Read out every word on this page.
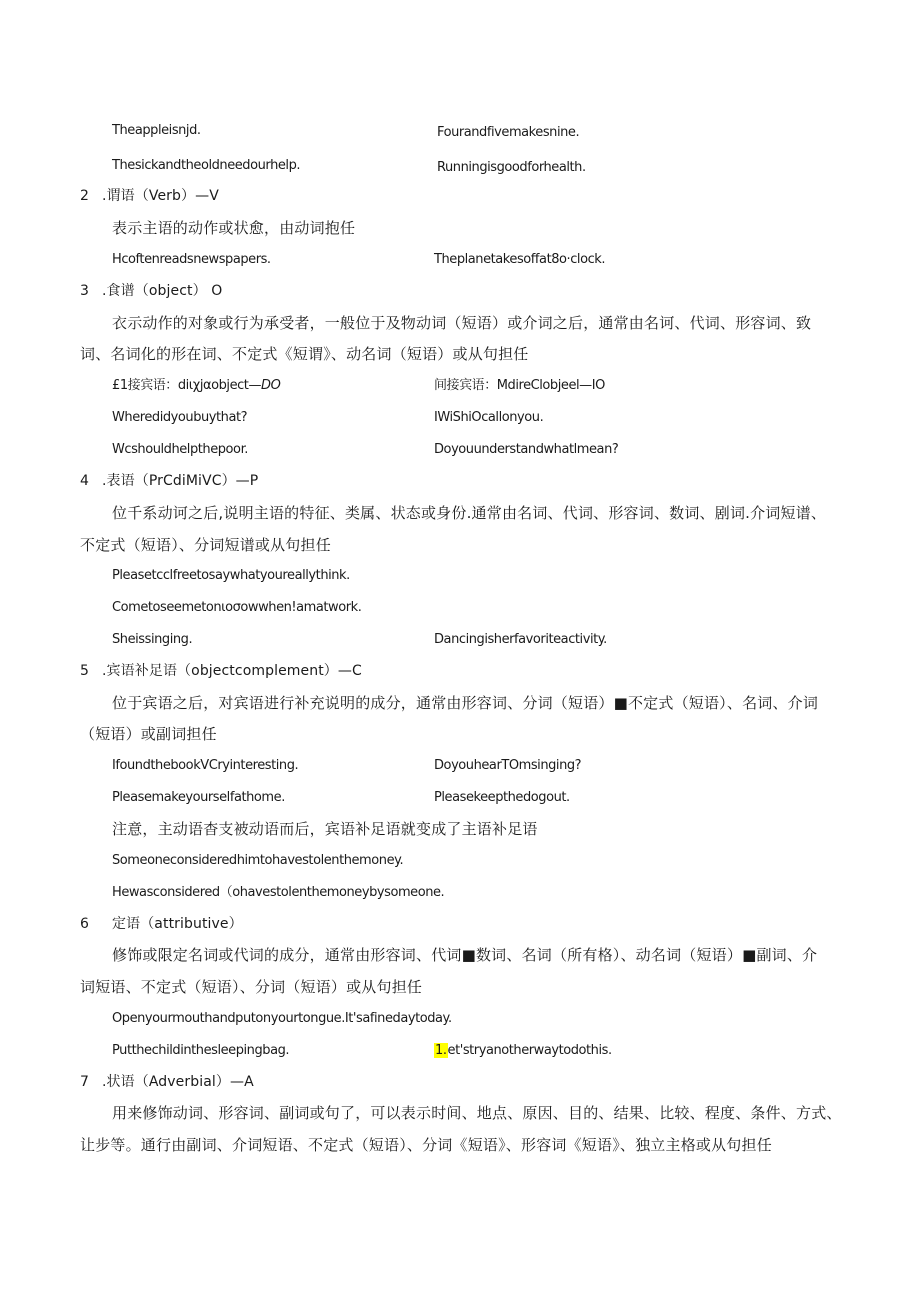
Theappleisnjd.	Fourandfivemakesnine.
Thesickandtheoldneedourhelp.	Runningisgoodforhealth.
2 .谓语（Verb）—V
表示主语的动作或状愈，由动词抱任
Hcoftenreadsnewspapers.	Theplanetakesoffat8o·clock.
3 .食谱（object） O
衣示动作的对象或行为承受者，一般位于及物动词（短语）或介词之后，通常由名诃、代词、形容词、致
词、名词化的形在词、不定式《短谓》、动名词（短语）或从句担任
£1接宾语：diιχjαobject—DO	间接宾语：MdireClobjeel—IO
Wheredidyoubuythat?	IWiShiOcallonyou.
Wcshouldhelpthepoor.	Doyouunderstandwhatlmean?
4 .表语（PrCdiMiVC）—P
位千系动诃之后,说明主语的特征、类属、状态或身份.通常由名词、代词、形容词、数词、剧词.介词短谱、
不定式（短语）、分词短谱或从句担任
Pleasetcclfreetosaywhatyoureallythink.
Cometoseemetonιoσowwhen!amatwork.
Sheissinging.	Dancingisherfavoriteactivity.
5 .宾语补足语（objectcomplement）—C
位于宾语之后，对宾语进行补充说明的成分，通常由形容词、分词（短语）■不定式（短语）、名词、介词
（短语）或副词担任
IfoundthebookVCryinteresting.	DoyouhearTOmsinging?
Pleasemakeyourselfathome.	Pleasekeepthedogout.
注意，主动语杳支被动语而后，宾语补足语就变成了主语补足语
Someoneconsideredhimtohavestolenthemoney.
Hewasconsidered（ohavestolenthemoneybysomeone.
6 定语（attributive）
修饰或限定名词或代词的成分，通常由形容词、代词■数词、名词（所有格）、动名词（短语）■副词、介
词短语、不定式（短语）、分词（短语）或从句担任
Openyourmouthandputonyourtongue.It'safinedaytoday.
Putthechildinthesleepingbag.	1.et'stryanotherwaytodothis.
7 .状语（Adverbial）—A
用来修饰动词、形容词、副词或句了，可以表示时间、地点、原因、目的、结果、比较、程度、条件、方式、
让步等。通行由副词、介词短语、不定式（短语）、分词《短语》、形容词《短语》、独立主格或从句担任
